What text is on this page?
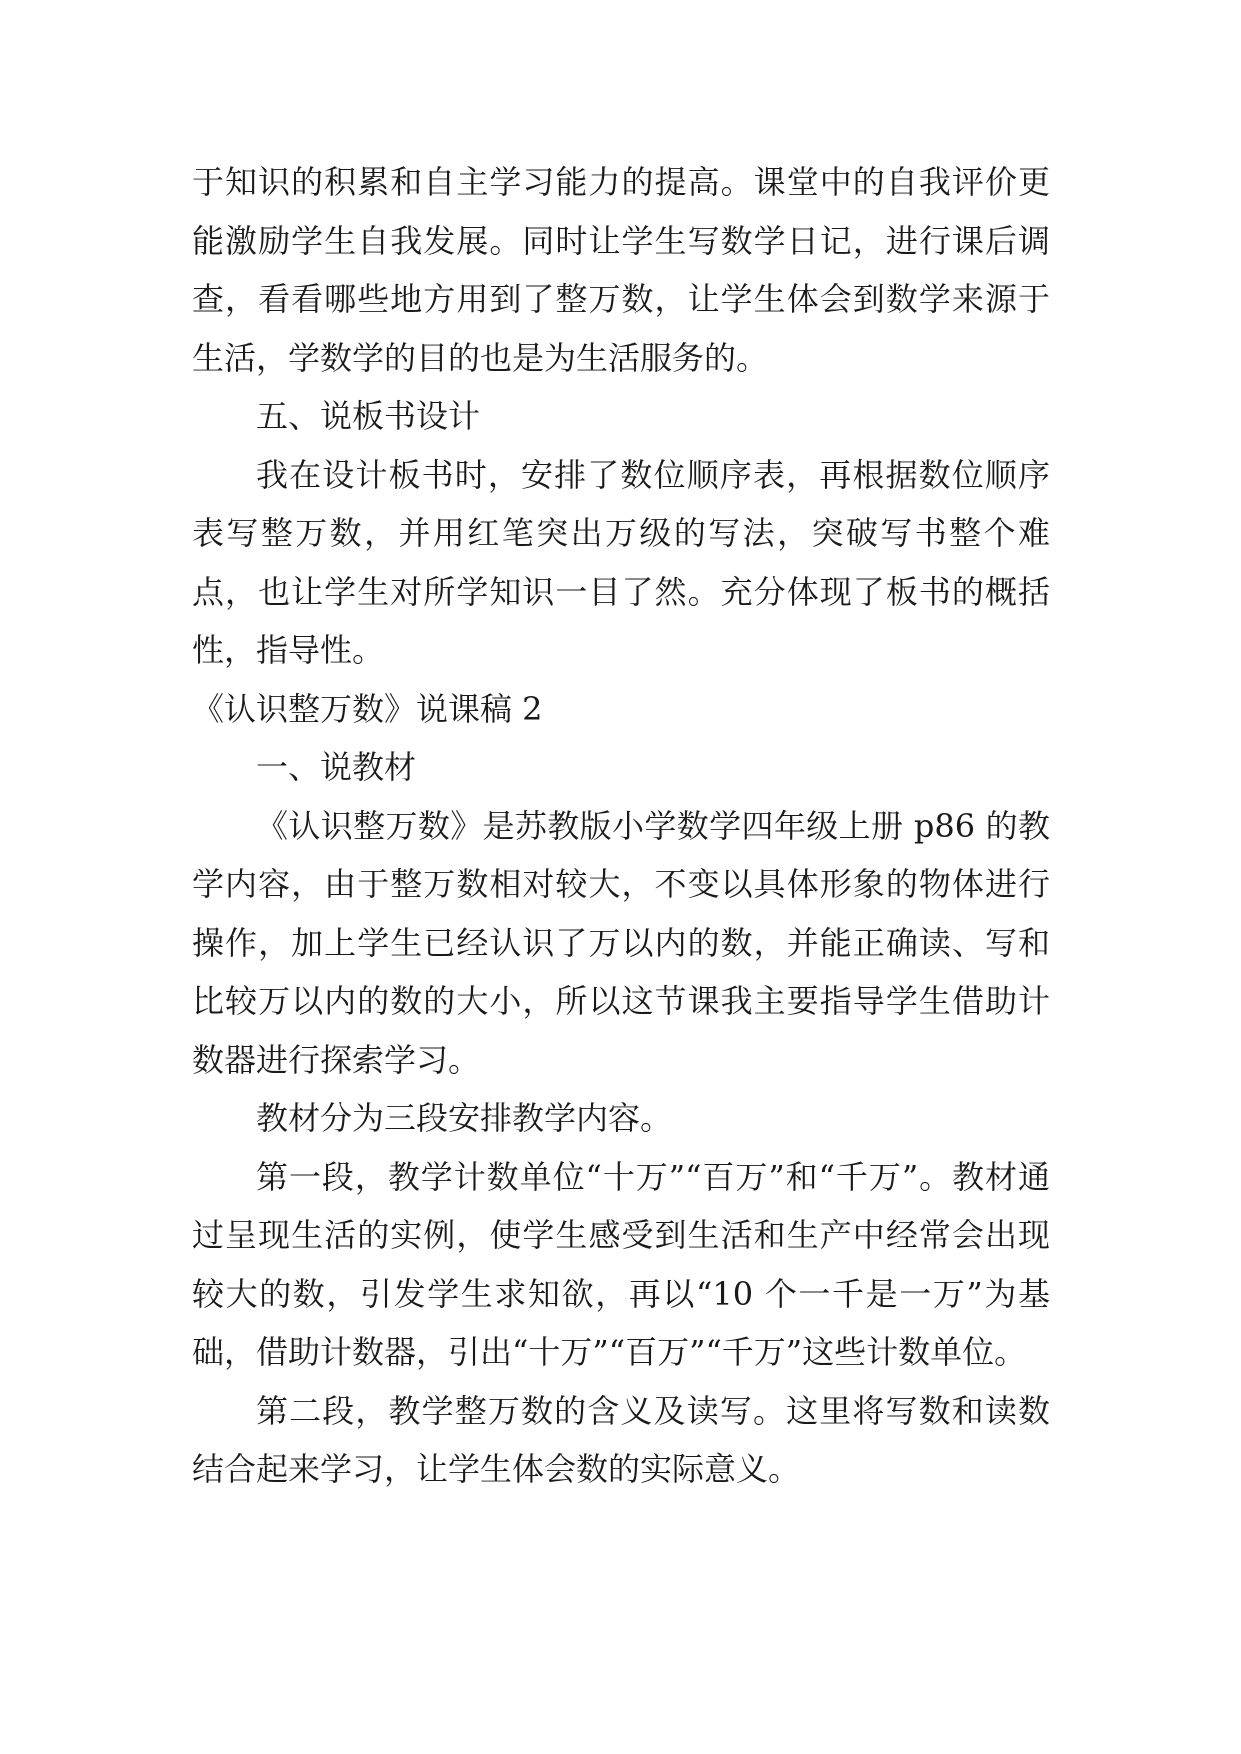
于知识的积累和自主学习能力的提高。课堂中的自我评价更能激励学生自我发展。同时让学生写数学日记，进行课后调查，看看哪些地方用到了整万数，让学生体会到数学来源于生活，学数学的目的也是为生活服务的。

五、说板书设计

我在设计板书时，安排了数位顺序表，再根据数位顺序表写整万数，并用红笔突出万级的写法，突破写书整个难点，也让学生对所学知识一目了然。充分体现了板书的概括性，指导性。

《认识整万数》说课稿 2

一、说教材

《认识整万数》是苏教版小学数学四年级上册 p86 的教学内容，由于整万数相对较大，不变以具体形象的物体进行操作，加上学生已经认识了万以内的数，并能正确读、写和比较万以内的数的大小，所以这节课我主要指导学生借助计数器进行探索学习。

教材分为三段安排教学内容。

第一段，教学计数单位“十万”“百万”和“千万”。教材通过呈现生活的实例，使学生感受到生活和生产中经常会出现较大的数，引发学生求知欲，再以“10 个一千是一万”为基础，借助计数器，引出“十万”“百万”“千万”这些计数单位。

第二段，教学整万数的含义及读写。这里将写数和读数结合起来学习，让学生体会数的实际意义。
